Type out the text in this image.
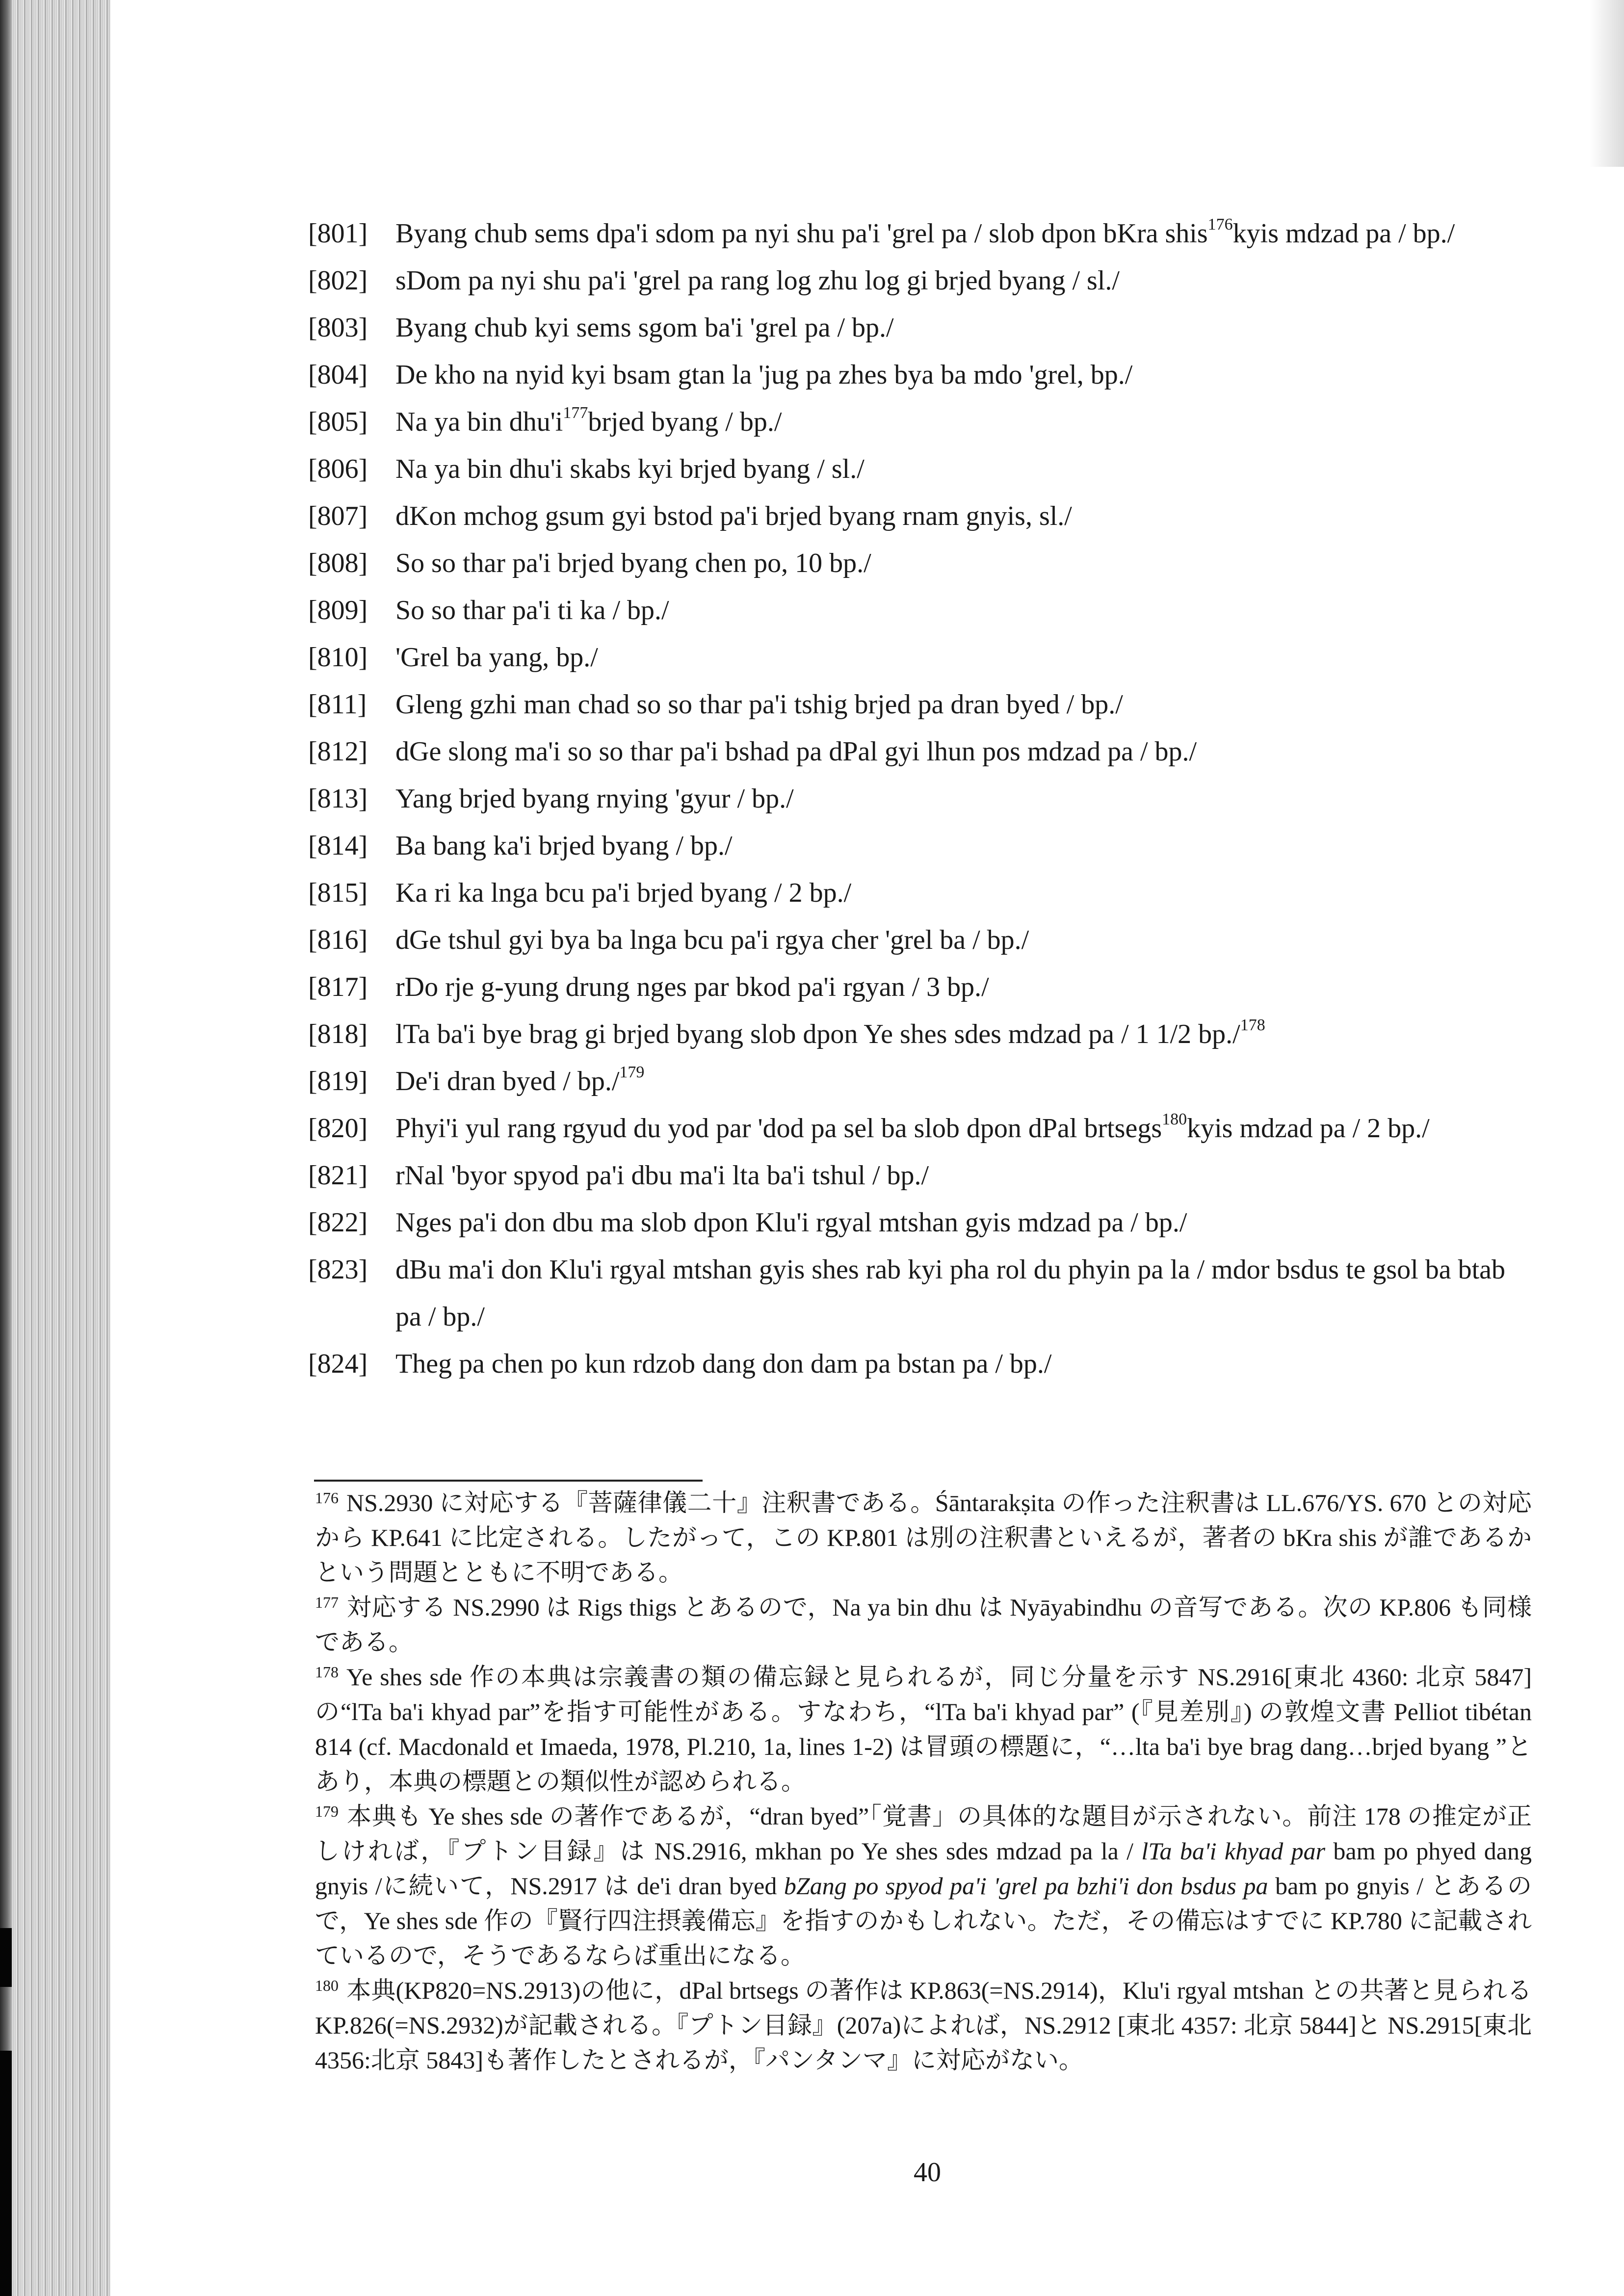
[801] Byang chub sems dpa'i sdom pa nyi shu pa'i 'grel pa / slob dpon bKra shis$^{176}$kyis mdzad pa / bp./
[802] sDom pa nyi shu pa'i 'grel pa rang log zhu log gi brjed byang / sl./
[803] Byang chub kyi sems sgom ba'i 'grel pa / bp./
[804] De kho na nyid kyi bsam gtan la 'jug pa zhes bya ba mdo 'grel, bp./
[805] Na ya bin $dhu'i^{177}brjed$ byang / bp./
[806] Na ya bin dhu'i skabs kyi brjed byang / sl./
[807] dKon mchog gsum gyi bstod pa'i brjed byang rnam gnyis, sl./
[808] So so thar pa'i brjed byang chen po, 10 bp./
[809] So so thar pa'i ti ka / bp./
[810] 'Grel ba yang, bp./
[811] Gleng gzhi man chad so so thar pa'i tshig brjed pa dran byed / bp./
[812] dGe slong ma'i so so thar pa'i bshad pa dPal gyi lhun pos mdzad pa / bp./
[813] Yang brjed byang rnying 'gyur / bp./
[814] Ba bang ka'i brjed byang / bp./
[815] Ka ri ka lnga bcu pa'i brjed byang / 2 bp./
[816] dGe tshul gyi bya ba lnga bcu pa'i rgya cher 'grel ba / bp./
[817] rDo rje g-yung drung nges par bkod pa'i rgyan / 3 bp./
[818] lTa ba'i bye brag gi brjed byang slob dpon Ye shes sdes mdzad pa / 1 1/2 bp./$^{178}$
[819] De'i dran byed / bp./$^{179}$
[820] Phyi'i yul rang rgyud du yod par 'dod pa sel ba slob dpon dPal brtsegs$^{180}$kyis mdzad pa / 2 bp./
[821] rNal 'byor spyod pa'i dbu ma'i lta ba'i tshul / bp./
[822] Nges pa'i don dbu ma slob dpon Klu'i rgyal mtshan gyis mdzad pa / bp./
[823] dBu ma'i don Klu'i rgyal mtshan gyis shes rab kyi pha rol du phyin pa la / mdor bsdus te gsol ba btab pa / bp./
[824] Theg pa chen po kun rdzob dang don dam pa bstan pa / bp./

$^{176}$ NS.2930 に対応する『菩薩律儀二十』注釈書である。Śāntarakṣita の作った注釈書は LL.676/YS. 670 との対応から KP.641 に比定される。したがって，この KP.801 は別の注釈書といえるが，著者の bKra shis が誰であるかという問題とともに不明である。

$^{177}$ 対応する NS.2990 は Rigs thigs とあるので，Na ya bin dhu は Nyāyabindhu の音写である。次の KP.806 も同様である。

$^{178}$ Ye shes sde 作の本典は宗義書の類の備忘録と見られるが，同じ分量を示す NS.2916[東北 4360: 北京 5847] の“lTa ba'i khyad par”を指す可能性がある。すなわち，“lTa ba'i khyad par” (『見差別』) の敦煌文書 Pelliot tibétan 814 (cf. Macdonald et Imaeda, 1978, Pl.210, 1a, lines 1-2) は冒頭の標題に，“…lta ba'i bye brag dang…brjed byang ”とあり，本典の標題との類似性が認められる。

$^{179}$ 本典も Ye shes sde の著作であるが，“dran byed”「覚書」の具体的な題目が示されない。前注 178 の推定が正しければ，『プトン目録』は NS.2916, mkhan po Ye shes sdes mdzad pa la / lTa ba'i khyad par bam po phyed dang gnyis /に続いて，NS.2917 は de'i dran byed bZang po spyod pa'i 'grel pa bzhi'i don bsdus pa bam po gnyis / とあるので，Ye shes sde 作の『賢行四注摂義備忘』を指すのかもしれない。ただ，その備忘はすでに KP.780 に記載されているので，そうであるならば重出になる。

$^{180}$ 本典(KP820=NS.2913)の他に，dPal brtsegs の著作は KP.863(=NS.2914)，Klu'i rgyal mtshan との共著と見られる KP.826(=NS.2932)が記載される。『プトン目録』(207a)によれば，NS.2912 [東北 4357: 北京 5844]と NS.2915[東北 4356:北京 5843]も著作したとされるが，『パンタンマ』に対応がない。

40
